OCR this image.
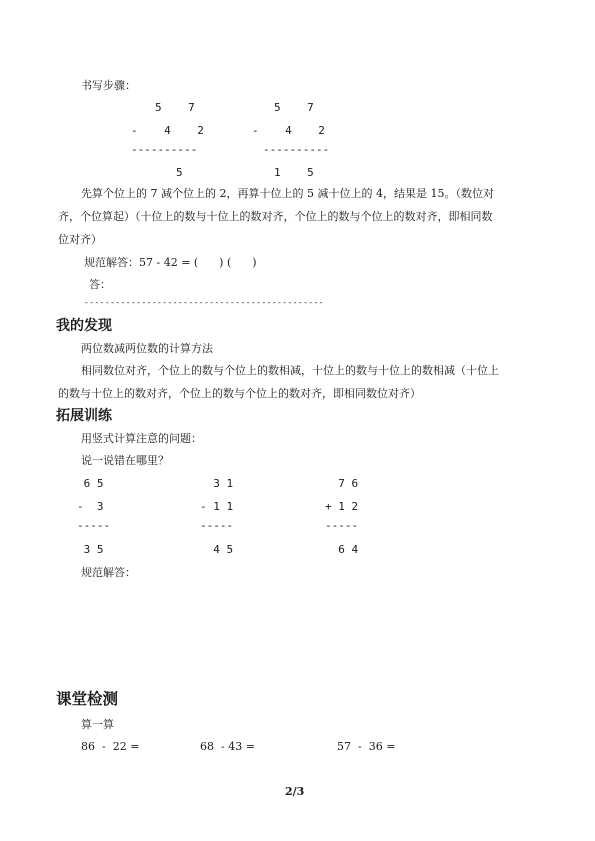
书写步骤：
5    7
-    4    2
----------
5
5    7
-    4    2
----------
1    5
先算个位上的 7 减个位上的 2，再算十位上的 5 减十位上的 4，结果是 15。（数位对
齐，个位算起）（十位上的数与十位上的数对齐，个位上的数与个位上的数对齐，即相同数
位对齐）
规范解答：57 - 42 = (      ) (      )
答：
----------------------------------------------
我的发现
两位数减两位数的计算方法
相同数位对齐，个位上的数与个位上的数相减，十位上的数与十位上的数相减（十位上
的数与十位上的数对齐，个位上的数与个位上的数对齐，即相同数位对齐）
拓展训练
用竖式计算注意的问题：
说一说错在哪里？
6 5
-  3
-----
3 5
3 1
- 1 1
-----
4 5
7 6
+ 1 2
-----
6 4
规范解答：
课堂检测
算一算
86  -  22 =	68  - 43 =	57  -  36 =
2/3
